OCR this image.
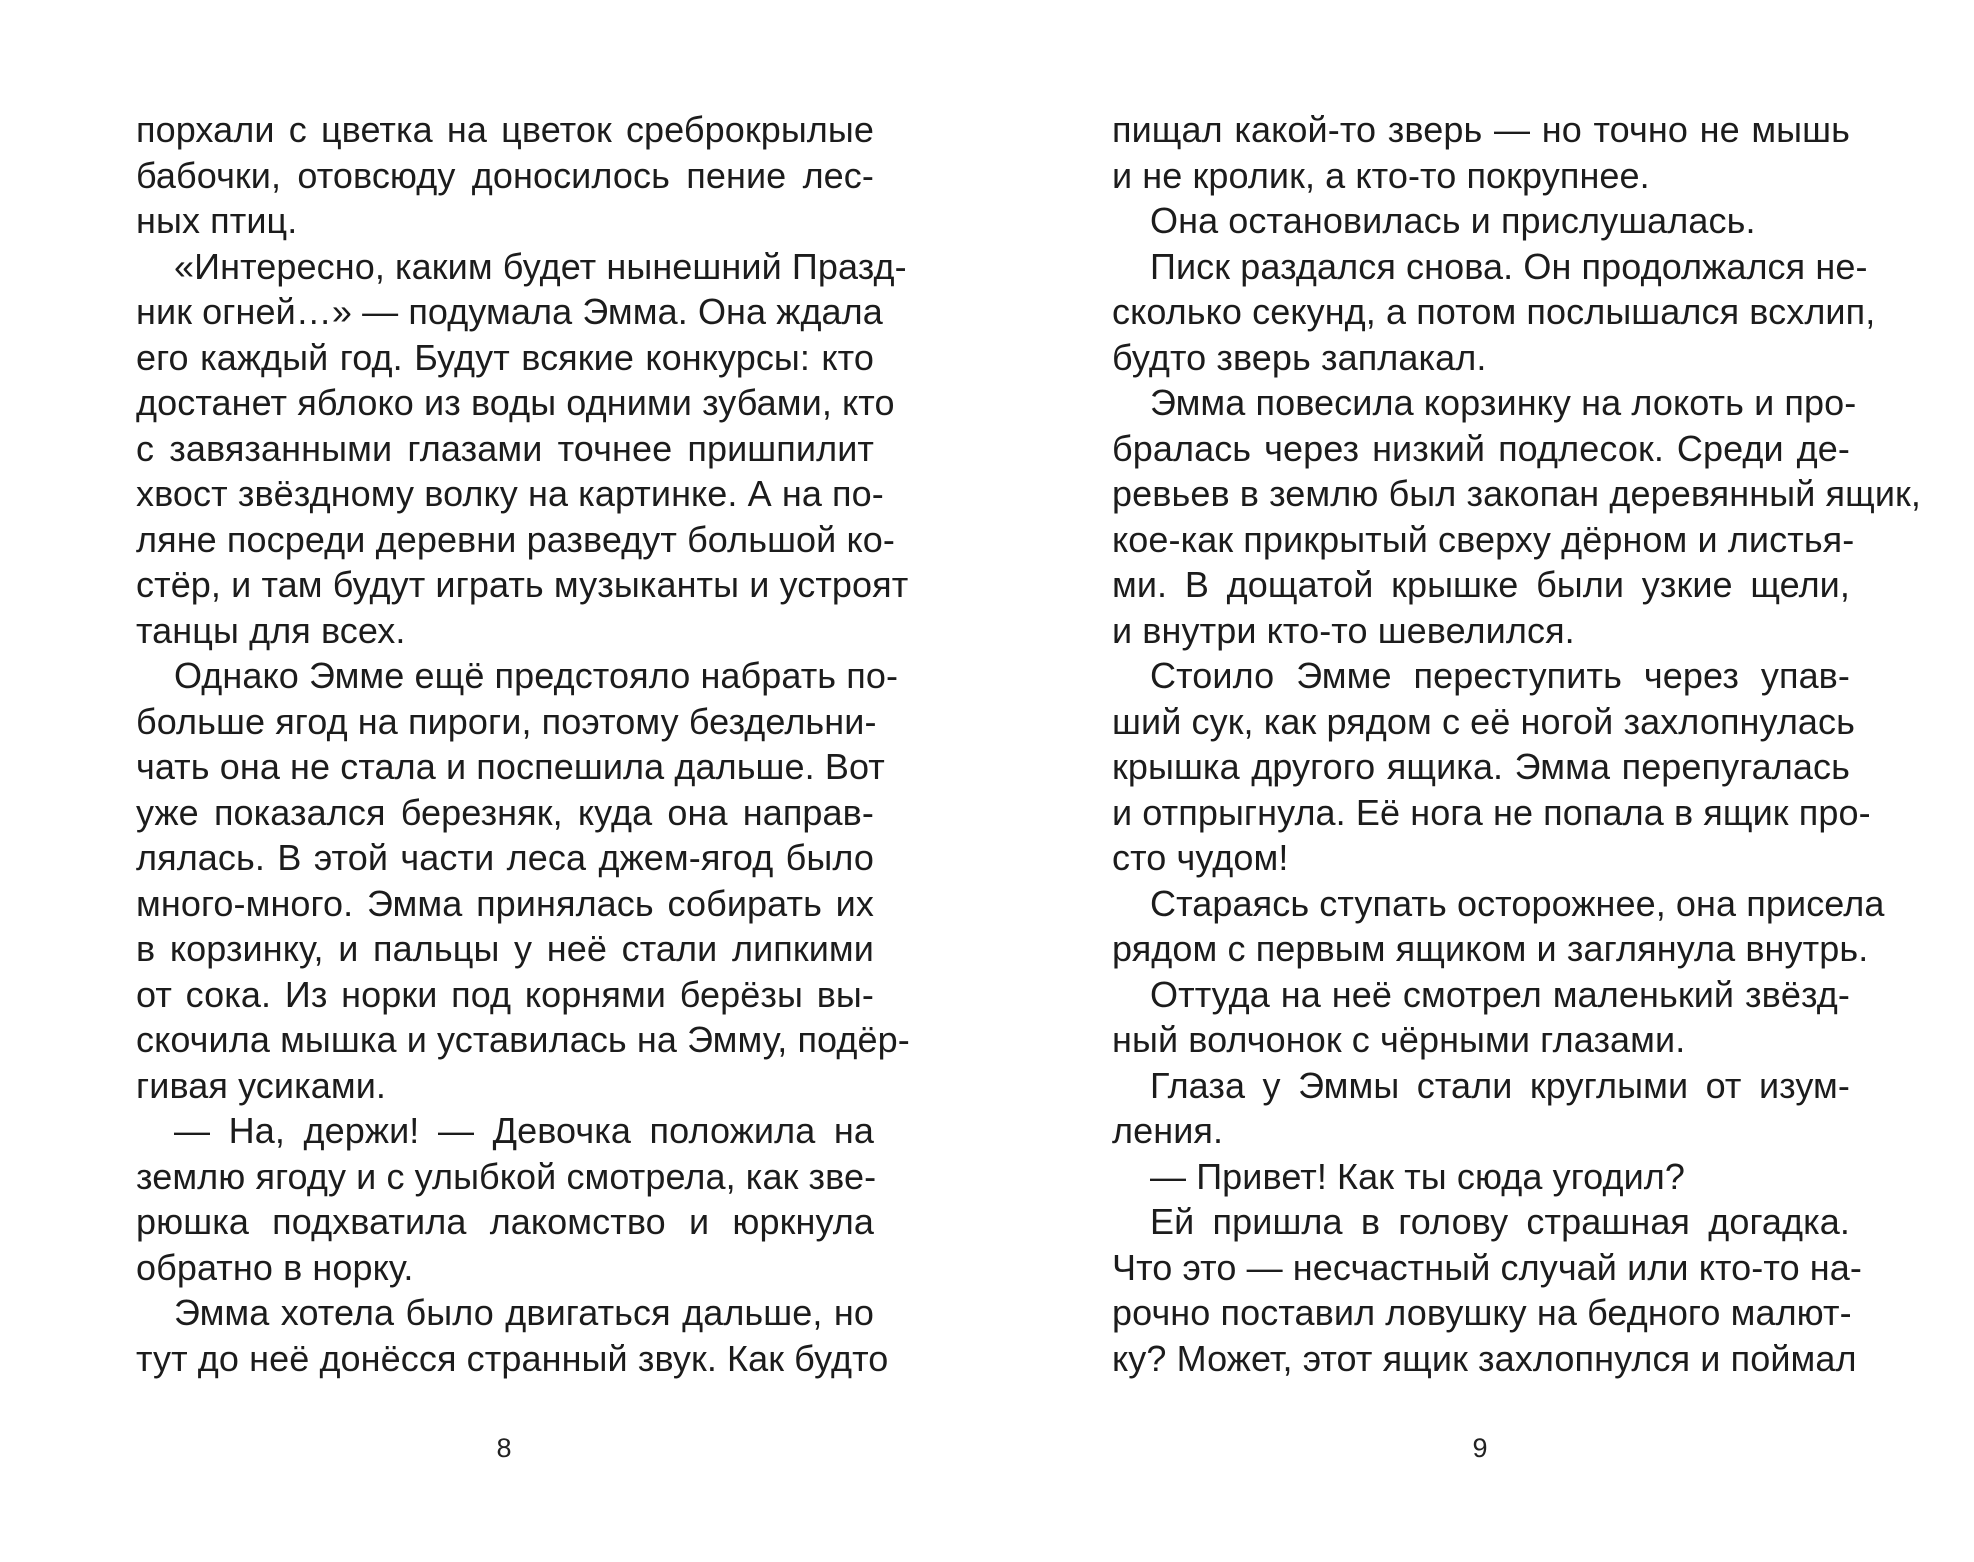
порхали с цветка на цветок среброкрылые
бабочки, отовсюду доносилось пение лес-
ных птиц.
«Интересно, каким будет нынешний Празд-
ник огней…» — подумала Эмма. Она ждала
его каждый год. Будут всякие конкурсы: кто
достанет яблоко из воды одними зубами, кто
с завязанными глазами точнее пришпилит
хвост звёздному волку на картинке. А на по-
ляне посреди деревни разведут большой ко-
стёр, и там будут играть музыканты и устроят
танцы для всех.
Однако Эмме ещё предстояло набрать по-
больше ягод на пироги, поэтому бездельни-
чать она не стала и поспешила дальше. Вот
уже показался березняк, куда она направ-
лялась. В этой части леса джем-ягод было
много-много. Эмма принялась собирать их
в корзинку, и пальцы у неё стали липкими
от сока. Из норки под корнями берёзы вы-
скочила мышка и уставилась на Эмму, подёр-
гивая усиками.
— На, держи! — Девочка положила на
землю ягоду и с улыбкой смотрела, как зве-
рюшка подхватила лакомство и юркнула
обратно в норку.
Эмма хотела было двигаться дальше, но
тут до неё донёсся странный звук. Как будто
8
пищал какой-то зверь — но точно не мышь
и не кролик, а кто-то покрупнее.
Она остановилась и прислушалась.
Писк раздался снова. Он продолжался не-
сколько секунд, а потом послышался всхлип,
будто зверь заплакал.
Эмма повесила корзинку на локоть и про-
бралась через низкий подлесок. Среди де-
ревьев в землю был закопан деревянный ящик,
кое-как прикрытый сверху дёрном и листья-
ми. В дощатой крышке были узкие щели,
и внутри кто-то шевелился.
Стоило Эмме переступить через упав-
ший сук, как рядом с её ногой захлопнулась
крышка другого ящика. Эмма перепугалась
и отпрыгнула. Её нога не попала в ящик про-
сто чудом!
Стараясь ступать осторожнее, она присела
рядом с первым ящиком и заглянула внутрь.
Оттуда на неё смотрел маленький звёзд-
ный волчонок с чёрными глазами.
Глаза у Эммы стали круглыми от изум-
ления.
— Привет! Как ты сюда угодил?
Ей пришла в голову страшная догадка.
Что это — несчастный случай или кто-то на-
рочно поставил ловушку на бедного малют-
ку? Может, этот ящик захлопнулся и поймал
9
